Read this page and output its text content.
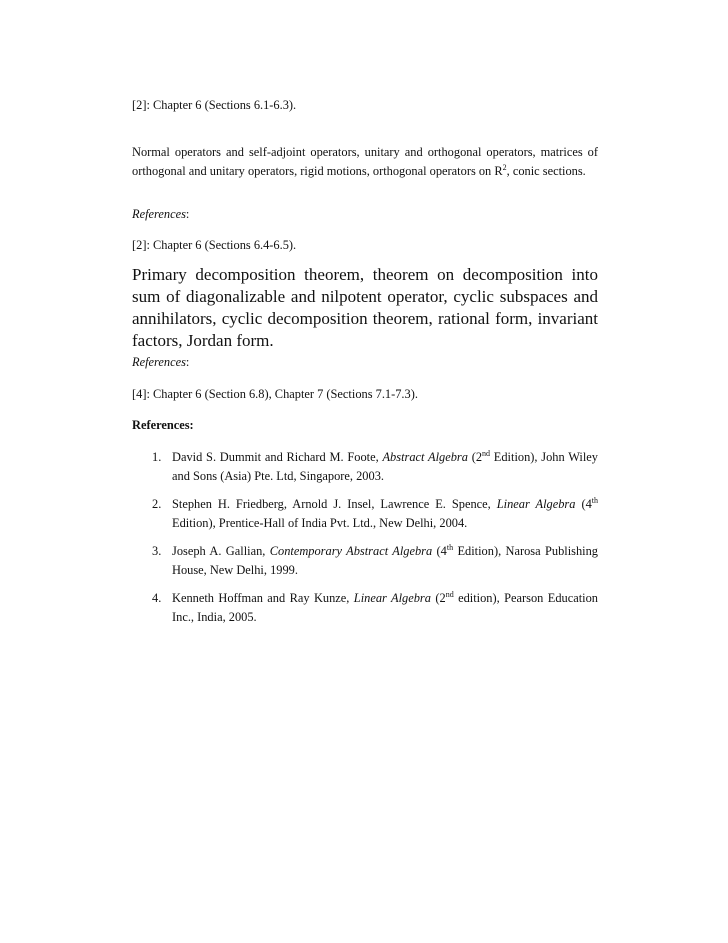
[2]: Chapter 6 (Sections 6.1-6.3).
Normal operators and self-adjoint operators, unitary and orthogonal operators, matrices of orthogonal and unitary operators, rigid motions, orthogonal operators on $R^2$, conic sections.
References:
[2]: Chapter 6 (Sections 6.4-6.5).
Primary decomposition theorem, theorem on decomposition into sum of diagonalizable and nilpotent operator, cyclic subspaces and annihilators, cyclic decomposition theorem, rational form, invariant factors, Jordan form.
References:
[4]: Chapter 6 (Section 6.8), Chapter 7 (Sections 7.1-7.3).
References:
1. David S. Dummit and Richard M. Foote, Abstract Algebra (2nd Edition), John Wiley and Sons (Asia) Pte. Ltd, Singapore, 2003.
2. Stephen H. Friedberg, Arnold J. Insel, Lawrence E. Spence, Linear Algebra (4th Edition), Prentice-Hall of India Pvt. Ltd., New Delhi, 2004.
3. Joseph A. Gallian, Contemporary Abstract Algebra (4th Edition), Narosa Publishing House, New Delhi, 1999.
4. Kenneth Hoffman and Ray Kunze, Linear Algebra (2nd edition), Pearson Education Inc., India, 2005.
